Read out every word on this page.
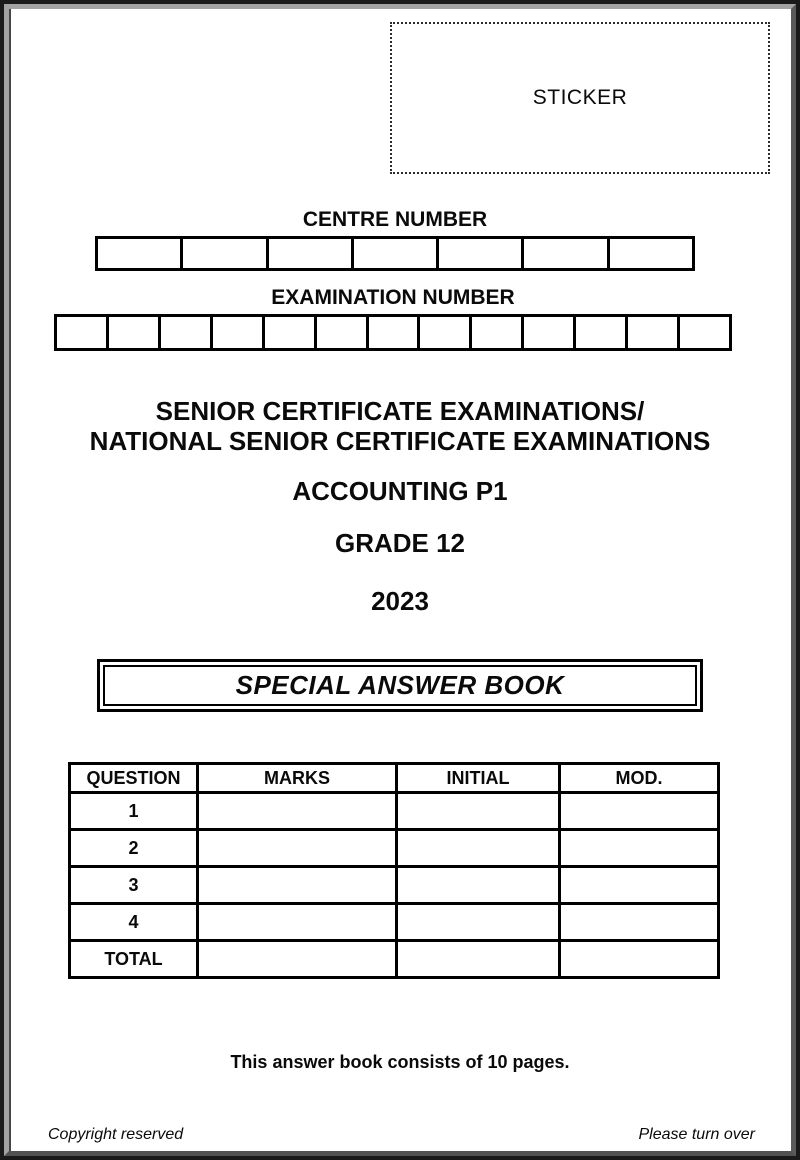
STICKER
CENTRE NUMBER
EXAMINATION NUMBER
SENIOR CERTIFICATE EXAMINATIONS/
NATIONAL SENIOR CERTIFICATE EXAMINATIONS
ACCOUNTING P1
GRADE 12
2023
SPECIAL ANSWER BOOK
QUESTION	MARKS	INITIAL	MOD.
1			
2			
3			
4			
TOTAL			
This answer book consists of 10 pages.
Copyright reserved	Please turn over
